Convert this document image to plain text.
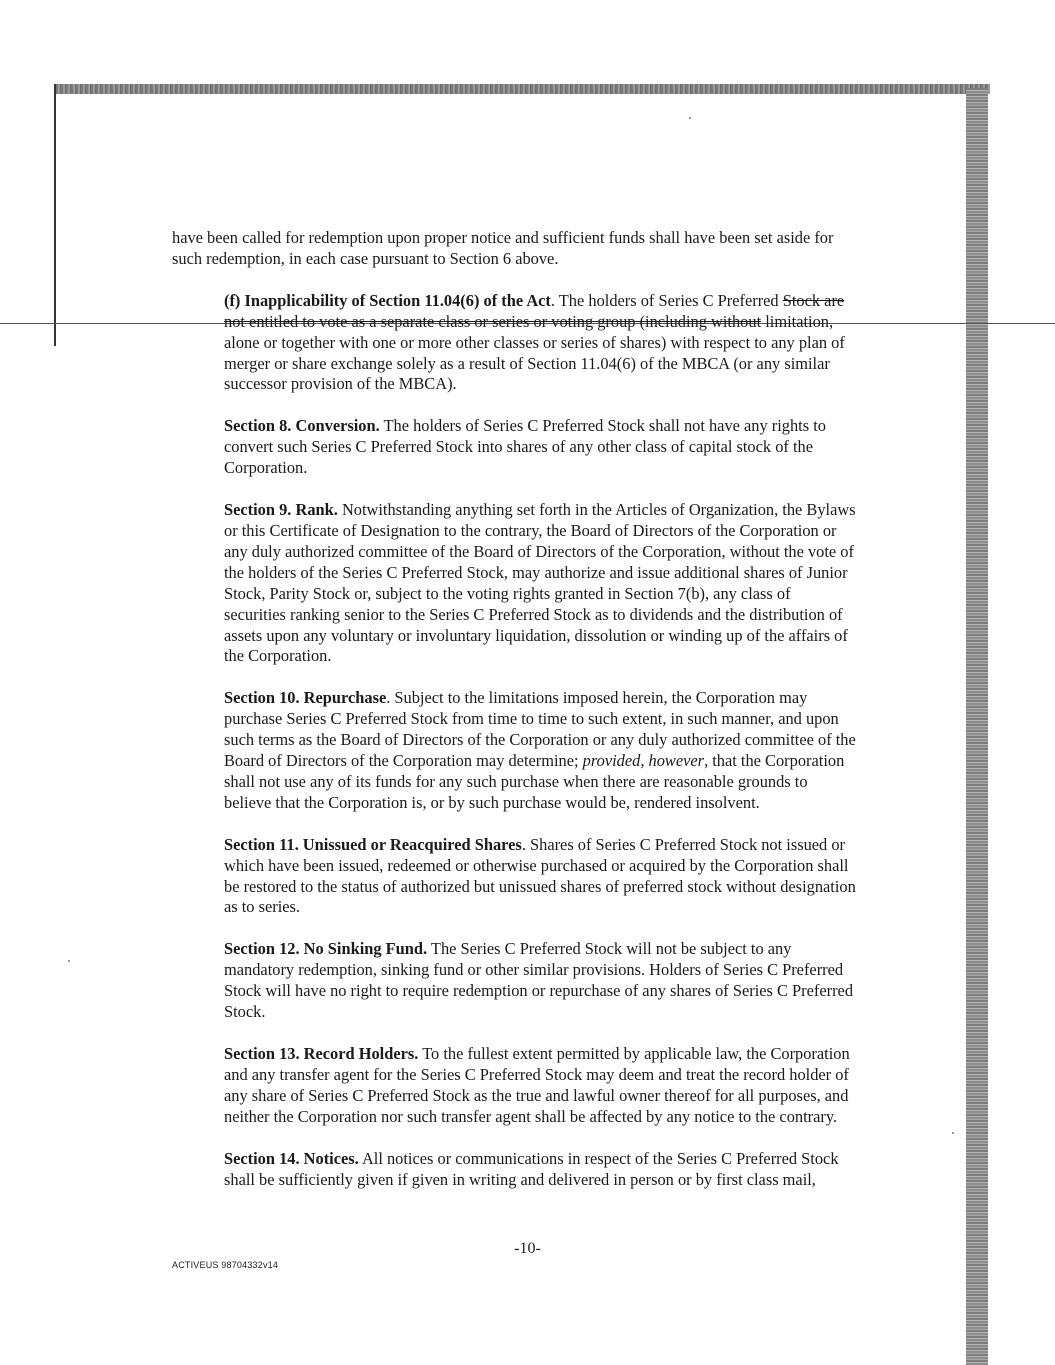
have been called for redemption upon proper notice and sufficient funds shall have been set aside for such redemption, in each case pursuant to Section 6 above.

(f) Inapplicability of Section 11.04(6) of the Act. The holders of Series C Preferred Stock are not entitled to vote as a separate class or series or voting group (including without limitation, alone or together with one or more other classes or series of shares) with respect to any plan of merger or share exchange solely as a result of Section 11.04(6) of the MBCA (or any similar successor provision of the MBCA).

Section 8. Conversion. The holders of Series C Preferred Stock shall not have any rights to convert such Series C Preferred Stock into shares of any other class of capital stock of the Corporation.

Section 9. Rank. Notwithstanding anything set forth in the Articles of Organization, the Bylaws or this Certificate of Designation to the contrary, the Board of Directors of the Corporation or any duly authorized committee of the Board of Directors of the Corporation, without the vote of the holders of the Series C Preferred Stock, may authorize and issue additional shares of Junior Stock, Parity Stock or, subject to the voting rights granted in Section 7(b), any class of securities ranking senior to the Series C Preferred Stock as to dividends and the distribution of assets upon any voluntary or involuntary liquidation, dissolution or winding up of the affairs of the Corporation.

Section 10. Repurchase. Subject to the limitations imposed herein, the Corporation may purchase Series C Preferred Stock from time to time to such extent, in such manner, and upon such terms as the Board of Directors of the Corporation or any duly authorized committee of the Board of Directors of the Corporation may determine; provided, however, that the Corporation shall not use any of its funds for any such purchase when there are reasonable grounds to believe that the Corporation is, or by such purchase would be, rendered insolvent.

Section 11. Unissued or Reacquired Shares. Shares of Series C Preferred Stock not issued or which have been issued, redeemed or otherwise purchased or acquired by the Corporation shall be restored to the status of authorized but unissued shares of preferred stock without designation as to series.

Section 12. No Sinking Fund. The Series C Preferred Stock will not be subject to any mandatory redemption, sinking fund or other similar provisions. Holders of Series C Preferred Stock will have no right to require redemption or repurchase of any shares of Series C Preferred Stock.

Section 13. Record Holders. To the fullest extent permitted by applicable law, the Corporation and any transfer agent for the Series C Preferred Stock may deem and treat the record holder of any share of Series C Preferred Stock as the true and lawful owner thereof for all purposes, and neither the Corporation nor such transfer agent shall be affected by any notice to the contrary.

Section 14. Notices. All notices or communications in respect of the Series C Preferred Stock shall be sufficiently given if given in writing and delivered in person or by first class mail,

-10-
ACTIVEUS 98704332v14
